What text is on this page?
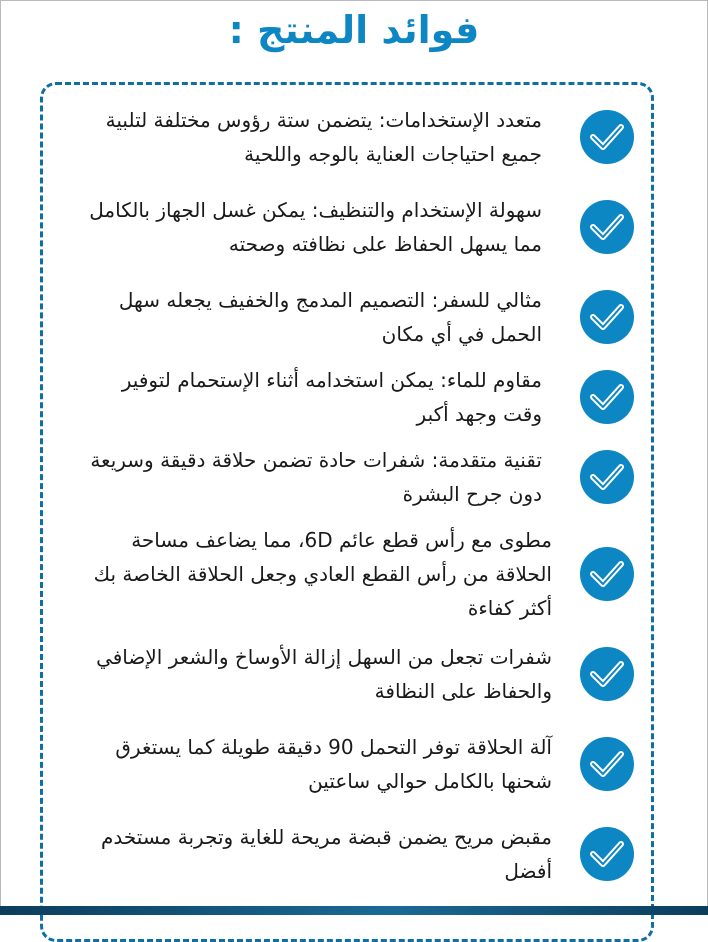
فوائد المنتج :
متعدد الإستخدامات: يتضمن ستة رؤوس مختلفة لتلبية جميع احتياجات العناية بالوجه واللحية
سهولة الإستخدام والتنظيف: يمكن غسل الجهاز بالكامل مما يسهل الحفاظ على نظافته وصحته
مثالي للسفر: التصميم المدمج والخفيف يجعله سهل الحمل في أي مكان
مقاوم للماء: يمكن استخدامه أثناء الإستحمام لتوفير وقت وجهد أكبر
تقنية متقدمة: شفرات حادة تضمن حلاقة دقيقة وسريعة دون جرح البشرة
مطوى مع رأس قطع عائم 6D، مما يضاعف مساحة الحلاقة من رأس القطع العادي وجعل الحلاقة الخاصة بك أكثر كفاءة
شفرات تجعل من السهل إزالة الأوساخ والشعر الإضافي والحفاظ على النظافة
آلة الحلاقة توفر التحمل 90 دقيقة طويلة كما يستغرق شحنها بالكامل حوالي ساعتين
مقبض مريح يضمن قبضة مريحة للغاية وتجربة مستخدم أفضل
